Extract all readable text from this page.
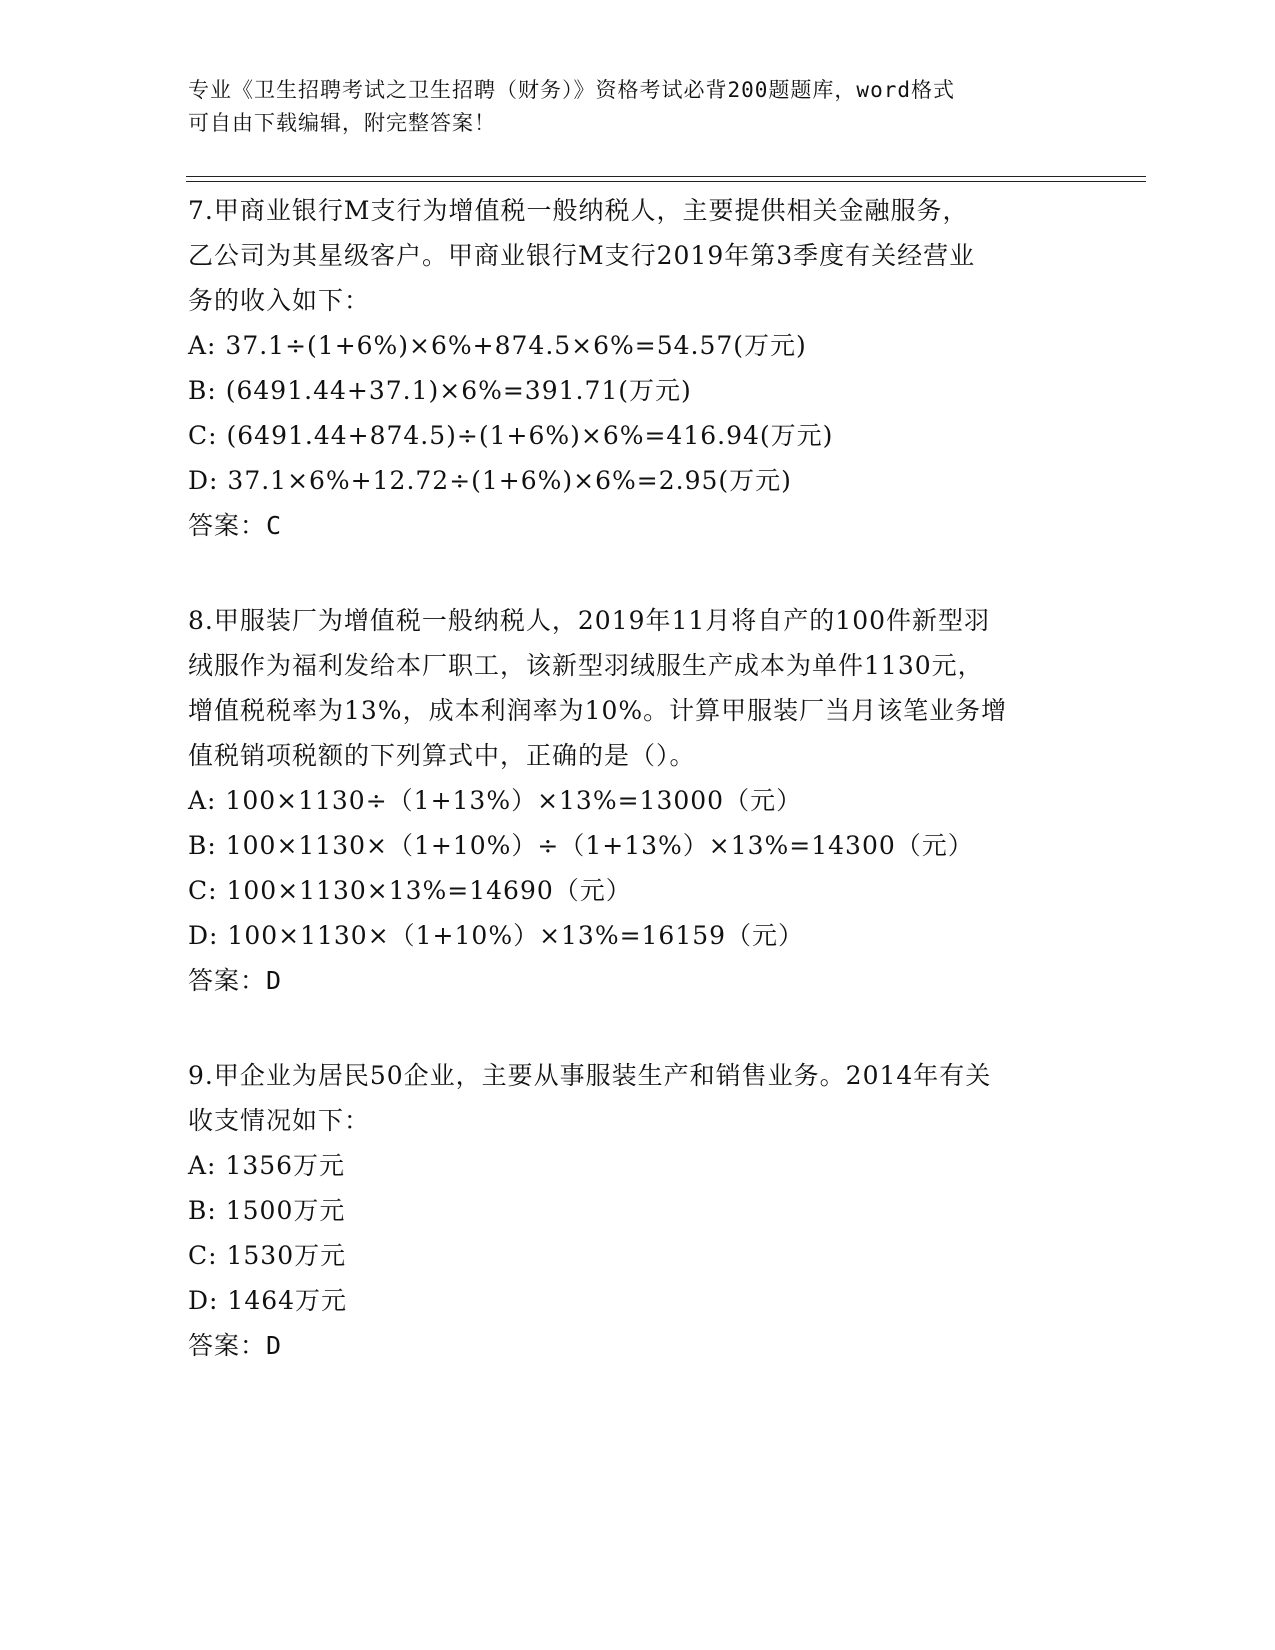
专业《卫生招聘考试之卫生招聘（财务）》资格考试必背200题题库，word格式

可自由下载编辑，附完整答案！

7.甲商业银行M支行为增值税一般纳税人，主要提供相关金融服务，

乙公司为其星级客户。甲商业银行M支行2019年第3季度有关经营业

务的收入如下：

A: 37.1÷(1+6%)×6%+874.5×6%=54.57(万元)

B: (6491.44+37.1)×6%=391.71(万元)

C: (6491.44+874.5)÷(1+6%)×6%=416.94(万元)

D: 37.1×6%+12.72÷(1+6%)×6%=2.95(万元)

答案：C

8.甲服装厂为增值税一般纳税人，2019年11月将自产的100件新型羽

绒服作为福利发给本厂职工，该新型羽绒服生产成本为单件1130元，

增值税税率为13%，成本利润率为10%。计算甲服装厂当月该笔业务增

值税销项税额的下列算式中，正确的是（）。

A: 100×1130÷（1+13%）×13%=13000（元）

B: 100×1130×（1+10%）÷（1+13%）×13%=14300（元）

C: 100×1130×13%=14690（元）

D: 100×1130×（1+10%）×13%=16159（元）

答案：D

9.甲企业为居民50企业，主要从事服装生产和销售业务。2014年有关

收支情况如下：

A: 1356万元

B: 1500万元

C: 1530万元

D: 1464万元

答案：D
